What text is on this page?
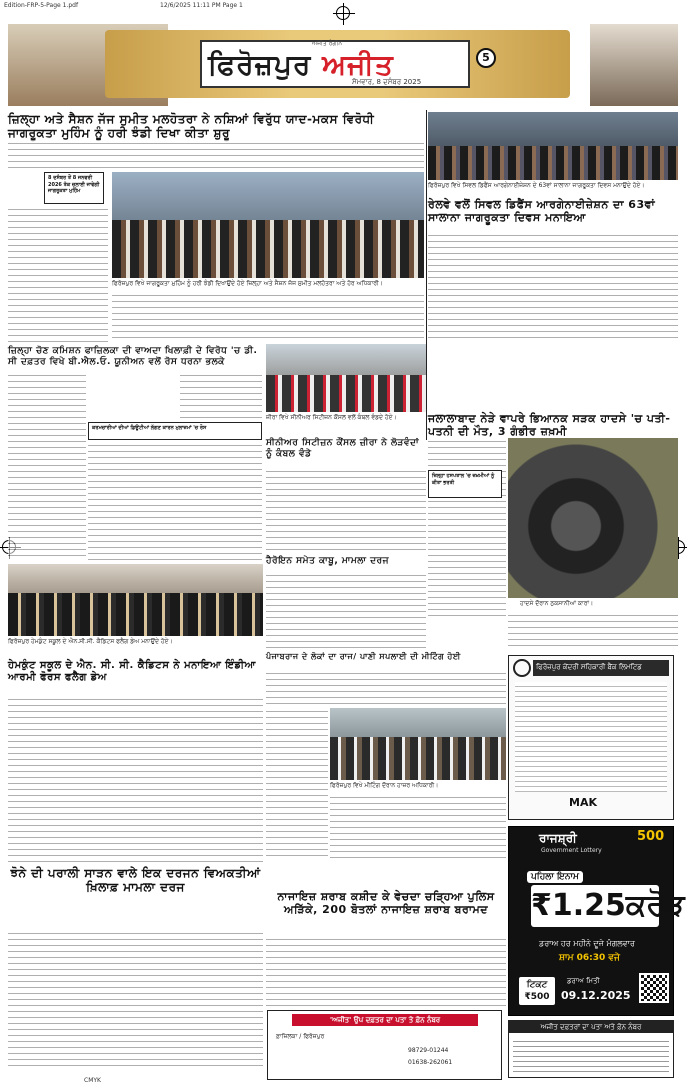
Edition-FRP-5-Page 1.pdf	12/6/2025 11:11 PM Page 1
ਅਜੀਤ ਰੰਗੀਨ
ਫਿਰੋਜ਼ਪੁਰ ਅਜੀਤ
ਸੋਮਵਾਰ, 8 ਦਸੰਬਰ 2025
5
ਜ਼ਿਲ੍ਹਾ ਅਤੇ ਸੈਸ਼ਨ ਜੱਜ ਸੁਮੀਤ ਮਲਹੋਤਰਾ ਨੇ ਨਸ਼ਿਆਂ ਵਿਰੁੱਧ ਯਾਦ-ਮਕਸ ਵਿਰੋਧੀ ਜਾਗਰੂਕਤਾ ਮੁਹਿੰਮ ਨੂੰ ਹਰੀ ਝੰਡੀ ਦਿਖਾ ਕੀਤਾ ਸ਼ੁਰੂ
8 ਦਸੰਬਰ ਤੋਂ 8 ਜਨਵਰੀ 2026 ਤੱਕ ਚਲਾਈ ਜਾਵੇਗੀ ਜਾਗਰੂਕਤਾ ਮੁਹਿੰਮ
ਫਿਰੋਜ਼ਪੁਰ ਵਿਖੇ ਜਾਗਰੂਕਤਾ ਮੁਹਿੰਮ ਨੂੰ ਹਰੀ ਝੰਡੀ ਦਿਖਾਉਂਦੇ ਹੋਏ ਜ਼ਿਲ੍ਹਾ ਅਤੇ ਸੈਸ਼ਨ ਜੱਜ ਸੁਮੀਤ ਮਲਹੋਤਰਾ ਅਤੇ ਹੋਰ ਅਧਿਕਾਰੀ।
ਫਿਰੋਜ਼ਪੁਰ ਵਿਖੇ ਸਿਵਲ ਡਿਫੈਂਸ ਆਰਗੇਨਾਈਜ਼ੇਸ਼ਨ ਦੇ 63ਵਾਂ ਸਾਲਾਨਾ ਜਾਗਰੂਕਤਾ ਦਿਵਸ ਮਨਾਉਂਦੇ ਹੋਏ।
ਰੇਲਵੇ ਵਲੋਂ ਸਿਵਲ ਡਿਫੈਂਸ ਆਰਗੇਨਾਈਜ਼ੇਸ਼ਨ ਦਾ 63ਵਾਂ ਸਾਲਾਨਾ ਜਾਗਰੂਕਤਾ ਦਿਵਸ ਮਨਾਇਆ
ਜ਼ਿਲ੍ਹਾ ਚੋਣ ਕਮਿਸ਼ਨ ਫਾਜ਼ਿਲਕਾ ਦੀ ਵਾਅਦਾ ਖਿਲਾਫ਼ੀ ਦੇ ਵਿਰੋਧ 'ਚ ਡੀ. ਸੀ ਦਫ਼ਤਰ ਵਿਖੇ ਬੀ.ਐਲ.ਓ. ਯੂਨੀਅਨ ਵਲੋਂ ਰੋਸ ਧਰਨਾ ਭਲਕੇ
ਕਰਮਚਾਰੀਆਂ ਦੀਆਂ ਡਿਊਟੀਆਂ ਲੱਗਣ ਕਾਰਨ ਮੁਲਾਜ਼ਮਾਂ 'ਚ ਰੋਸ
ਜ਼ੀਰਾ ਵਿਖੇ ਸੀਨੀਅਰ ਸਿਟੀਜ਼ਨ ਕੌਂਸਲ ਵਲੋਂ ਕੰਬਲ ਵੰਡਦੇ ਹੋਏ।
ਸੀਨੀਅਰ ਸਿਟੀਜ਼ਨ ਕੌਂਸਲ ਜ਼ੀਰਾ ਨੇ ਲੋੜਵੰਦਾਂ ਨੂੰ ਕੰਬਲ ਵੰਡੇ
ਹੈਰੋਇਨ ਸਮੇਤ ਕਾਬੂ, ਮਾਮਲਾ ਦਰਜ
ਜਲਾਲਾਬਾਦ ਨੇੜੇ ਵਾਪਰੇ ਭਿਆਨਕ ਸੜਕ ਹਾਦਸੇ 'ਚ ਪਤੀ-ਪਤਨੀ ਦੀ ਮੌਤ, 3 ਗੰਭੀਰ ਜ਼ਖ਼ਮੀ
ਜ਼ਿਲ੍ਹਾ ਹਸਪਤਾਲ 'ਚ ਜ਼ਖ਼ਮੀਆਂ ਨੂੰ ਕੀਤਾ ਭਰਤੀ
ਹਾਦਸੇ ਦੌਰਾਨ ਨੁਕਸਾਨੀਆਂ ਕਾਰਾਂ।
ਫਿਰੋਜ਼ਪੁਰ ਹੇਮਕੁੰਟ ਸਕੂਲ ਦੇ ਐਨ.ਸੀ.ਸੀ. ਕੈਡਿਟਸ ਫਲੈਗ ਡੇਅ ਮਨਾਉਂਦੇ ਹੋਏ।
ਹੇਮਕੁੰਟ ਸਕੂਲ ਦੇ ਐਨ. ਸੀ. ਸੀ. ਕੈਡਿਟਸ ਨੇ ਮਨਾਇਆ ਇੰਡੀਆ ਆਰਮੀ ਫੋਰਸ ਫਲੈਗ ਡੇਅ
ਪੰਜਾਬਰਾਜ ਦੇ ਲੋਕਾਂ ਦਾ ਰਾਜ/ ਪਾਣੀ ਸਪਲਾਈ ਦੀ ਮੀਟਿੰਗ ਹੋਈ
ਫਿਰੋਜ਼ਪੁਰ ਵਿਖੇ ਮੀਟਿੰਗ ਦੌਰਾਨ ਹਾਜ਼ਰ ਅਧਿਕਾਰੀ।
ਫਿਰੋਜ਼ਪੁਰ ਕੇਂਦਰੀ ਸਹਿਕਾਰੀ ਬੈਂਕ ਲਿਮਟਿਡ
MAK
ਝੋਨੇ ਦੀ ਪਰਾਲੀ ਸਾੜਨ ਵਾਲੇ ਇਕ ਦਰਜਨ ਵਿਅਕਤੀਆਂ ਖ਼ਿਲਾਫ਼ ਮਾਮਲਾ ਦਰਜ
ਨਾਜਾਇਜ਼ ਸ਼ਰਾਬ ਕਸ਼ੀਦ ਕੇ ਵੇਚਦਾ ਚੜ੍ਹਿਆ ਪੁਲਿਸ ਅੜਿੱਕੇ, 200 ਬੋਤਲਾਂ ਨਾਜਾਇਜ਼ ਸ਼ਰਾਬ ਬਰਾਮਦ
ਰਾਜਸ਼੍ਰੀ	500
Government Lottery
ਪਹਿਲਾ ਇਨਾਮ
₹1.25ਕਰੋੜ
ਡਰਾਅ ਹਰ ਮਹੀਨੇ ਦੂਜੇ ਮੰਗਲਵਾਰ
ਸ਼ਾਮ 06:30 ਵਜੇ
ਟਿਕਟ ₹500
ਡਰਾਅ ਮਿਤੀ
09.12.2025
'ਅਜੀਤ' ਉਪ ਦਫ਼ਤਰ ਦਾ ਪਤਾ ਤੇ ਫ਼ੋਨ ਨੰਬਰ
ਫ਼ਾਜ਼ਿਲਕਾ / ਫਿਰੋਜ਼ਪੁਰ
98729-01244
01638-262061
ਅਜੀਤ ਦਫ਼ਤਰਾਂ ਦਾ ਪਤਾ ਅਤੇ ਫ਼ੋਨ ਨੰਬਰ
CMYK
